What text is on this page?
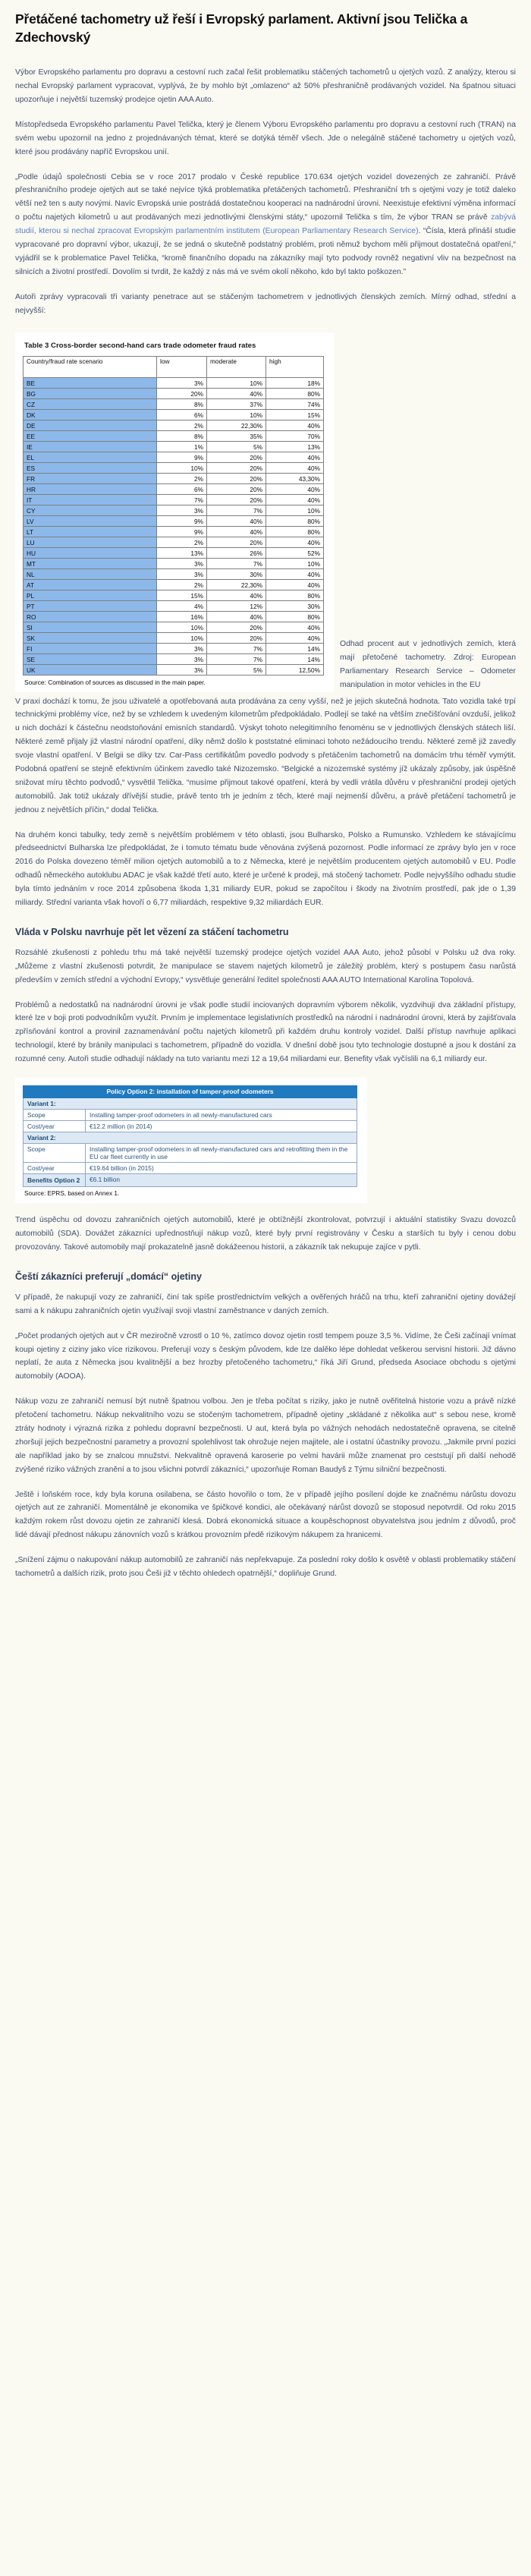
Přetáčené tachometry už řeší i Evropský parlament. Aktivní jsou Telička a Zdechovský

Výbor Evropského parlamentu pro dopravu a cestovní ruch začal řešit problematiku stáčených tachometrů u ojetých vozů. Z analýzy, kterou si nechal Evropský parlament vypracovat, vyplývá, že by mohlo být „omlazeno“ až 50% přeshraničně prodávaných vozidel. Na špatnou situaci upozorňuje i největší tuzemský prodejce ojetin AAA Auto.

Místopředseda Evropského parlamentu Pavel Telička, který je členem Výboru Evropského parlamentu pro dopravu a cestovní ruch (TRAN) na svém webu upozornil na jedno z projednávaných témat, které se dotýká téměř všech. Jde o nelegálně stáčené tachometry u ojetých vozů, které jsou prodávány napříč Evropskou unií.

„Podle údajů společnosti Cebia se v roce 2017 prodalo v České republice 170.634 ojetých vozidel dovezených ze zahraničí. Právě přeshraničního prodeje ojetých aut se také nejvíce týká problematika přetáčených tachometrů. Přeshraniční trh s ojetými vozy je totiž daleko větší než ten s auty novými. Navíc Evropská unie postrádá dostatečnou kooperaci na nadnárodní úrovni. Neexistuje efektivní výměna informací o počtu najetých kilometrů u aut prodávaných mezi jednotlivými členskými státy,“ upozornil Telička s tím, že výbor TRAN se právě zabývá studií, kterou si nechal zpracovat Evropským parlamentním institutem (European Parliamentary Research Service). “Čísla, která přináší studie vypracované pro dopravní výbor, ukazují, že se jedná o skutečně podstatný problém, proti němuž bychom měli přijmout dostatečná opatření,“ vyjádřil se k problematice Pavel Telička, “kromě finančního dopadu na zákazníky mají tyto podvody rovněž negativní vliv na bezpečnost na silnicích a životní prostředí. Dovolím si tvrdit, že každý z nás má ve svém okolí někoho, kdo byl takto poškozen.”

Autoři zprávy vypracovali tři varianty penetrace aut se stáčeným tachometrem v jednotlivých členských zemích. Mírný odhad, střední a nejvyšší:

Table 3 Cross-border second-hand cars trade odometer fraud rates
Country/fraud rate scenario	low	moderate	high
BE	3%	10%	18%
BG	20%	40%	80%
CZ	8%	37%	74%
DK	6%	10%	15%
DE	2%	22,30%	40%
EE	8%	35%	70%
IE	1%	5%	13%
EL	9%	20%	40%
ES	10%	20%	40%
FR	2%	20%	43,30%
HR	6%	20%	40%
IT	7%	20%	40%
CY	3%	7%	10%
LV	9%	40%	80%
LT	9%	40%	80%
LU	2%	20%	40%
HU	13%	26%	52%
MT	3%	7%	10%
NL	3%	30%	40%
AT	2%	22,30%	40%
PL	15%	40%	80%
PT	4%	12%	30%
RO	16%	40%	80%
SI	10%	20%	40%
SK	10%	20%	40%
FI	3%	7%	14%
SE	3%	7%	14%
UK	3%	5%	12,50%
Source: Combination of sources as discussed in the main paper.
Odhad procent aut v jednotlivých zemích, která mají přetočené tachometry. Zdroj: European Parliamentary Research Service – Odometer manipulation in motor vehicles in the EU

V praxi dochází k tomu, že jsou uživatelé a opotřebovaná auta prodávána za ceny vyšší, než je jejich skutečná hodnota. Tato vozidla také trpí technickými problémy více, než by se vzhledem k uvedeným kilometrům předpokládalo. Podlejí se také na větším znečišťování ovzduší, jelikož u nich dochází k částečnu neodstoňování emisních standardů. Výskyt tohoto nelegitimního fenoménu se v jednotlivých členských státech liší. Některé země přijaly již vlastní národní opatření, díky němž došlo k poststatné eliminaci tohoto nežádoucího trendu. Některé země již zavedly svoje vlastní opatření. V Belgii se díky tzv. Car-Pass certifikátům povedlo podvody s přetáčením tachometrů na domácím trhu téměř vymýtit. Podobná opatření se stejně efektivním účinkem zavedlo také Nizozemsko. “Belgické a nizozemské systémy jíž ukázaly způsoby, jak úspěšně snižovat míru těchto podvodů,“ vysvětlil Telička. “musíme přijmout takové opatření, která by vedli vrátila důvěru v přeshraniční prodeji ojetých automobilů. Jak totiž ukázaly dřívější studie, právě tento trh je jedním z těch, které mají nejmenší důvěru, a právě přetáčení tachometrů je jednou z největších příčin,“ dodal Telička.

Na druhém konci tabulky, tedy země s největším problémem v této oblasti, jsou Bulharsko, Polsko a Rumunsko. Vzhledem ke stávajícímu předseednictví Bulharska lze předpokládat, že i tomuto tématu bude věnována zvýšená pozornost. Podle informací ze zprávy bylo jen v roce 2016 do Polska dovezeno téměř milion ojetých automobilů a to z Německa, které je největším producentem ojetých automobilů v EU. Podle odhadů německého autoklubu ADAC je však každé třetí auto, které je určené k prodeji, má stočený tachometr. Podle nejvyššího odhadu studie byla tímto jednáním v roce 2014 způsobena škoda 1,31 miliardy EUR, pokud se započítou i škody na životním prostředí, pak jde o 1,39 miliardy. Střední varianta však hovoří o 6,77 miliardách, respektive 9,32 miliardách EUR.

Vláda v Polsku navrhuje pět let vězení za stáčení tachometru

Rozsáhlé zkušenosti z pohledu trhu má také největší tuzemský prodejce ojetých vozidel AAA Auto, jehož působí v Polsku už dva roky. „Můžeme z vlastní zkušenosti potvrdit, že manipulace se stavem najetých kilometrů je záležitý problém, který s postupem času narůstá především v zemích střední a východní Evropy,“ vysvětluje generální ředitel společnosti AAA AUTO International Karolína Topolová.

Problémů a nedostatků na nadnárodní úrovni je však podle studií inciovaných dopravním výborem několik, vyzdvihuji dva základní přístupy, které lze v boji proti podvodníkům využít. Prvním je implementace legislativních prostředků na národní i nadnárodní úrovni, která by zajišťovala zpřísňování kontrol a provinil zaznamenávání počtu najetých kilometrů při každém druhu kontroly vozidel. Další přístup navrhuje aplikaci technologií, které by bránily manipulaci s tachometrem, případně do vozidla. V dnešní době jsou tyto technologie dostupné a jsou k dostání za rozumné ceny. Autoři studie odhadují náklady na tuto variantu mezi 12 a 19,64 miliardami eur. Benefity však vyčíslili na 6,1 miliardy eur.

Policy Option 2: installation of tamper-proof odometers	
Variant 1:	
Scope	Installing tamper-proof odometers in all newly-manufactured cars
Cost/year	€12.2 million (in 2014)
Variant 2:	
Scope	Installing tamper-proof odometers in all newly-manufactured cars and retrofitting them in the EU car fleet currently in use
Cost/year	€19.64 billion (in 2015)
Benefits Option 2	€6.1 billion
Source: EPRS, based on Annex 1.

Trend úspěchu od dovozu zahraničních ojetých automobilů, které je obtížnější zkontrolovat, potvrzují i aktuální statistiky Svazu dovozců automobilů (SDA). Dovážet zákazníci upřednostňují nákup vozů, které byly první registrovány v Česku a starších tu byly i cenou dobu provozovány. Takové automobily mají prokazatelně jasně dokážeenou historii, a zákazník tak nekupuje zajíce v pytli.

Čeští zákazníci preferují „domácí“ ojetiny

V případě, že nakupují vozy ze zahraničí, činí tak spíše prostřednictvím velkých a ověřených hráčů na trhu, kteří zahraniční ojetiny dovážejí sami a k nákupu zahraničních ojetin využívají svoji vlastní zaměstnance v daných zemích.

„Počet prodaných ojetých aut v ČR meziročně vzrostl o 10 %, zatímco dovoz ojetin rostl tempem pouze 3,5 %. Vidíme, že Češi začínají vnímat koupi ojetiny z ciziny jako více rizikovou. Preferují vozy s českým původem, kde lze dalěko lépe dohledat veškerou servisní historii. Již dávno neplatí, že auta z Německa jsou kvalitnější a bez hrozby přetočeného tachometru,“ říká Jiří Grund, předseda Asociace obchodu s ojetými automobily (AOOA).

Nákup vozu ze zahraničí nemusí být nutně špatnou volbou. Jen je třeba počítat s riziky, jako je nutně ověřitelná historie vozu a právě nízké přetočení tachometru. Nákup nekvalitního vozu se stočeným tachometrem, případně ojetiny „skládané z několika aut“ s sebou nese, kromě ztráty hodnoty i výrazná rizika z pohledu dopravní bezpečnosti. U aut, která byla po vážných nehodách nedostatečně opravena, se citelně zhoršují jejich bezpečnostní parametry a provozní spolehlivost tak ohrožuje nejen majitele, ale i ostatní účastníky provozu. „Jakmile první pozici ale například jako by se znalcou mnužstvi. Nekvalitně opravená karoserie po velmi havárii může znamenat pro ceststují při další nehodě zvýšené riziko vážných zranění a to jsou všichni potvrdí zákazníci,“ upozorňuje Roman Baudyš z Týmu silniční bezpečnosti.

Ještě i loňském roce, kdy byla koruna osilabena, se částo hovořilo o tom, že v případě jejího posílení dojde ke značnému nárůstu dovozu ojetých aut ze zahraničí. Momentálně je ekonomika ve špičkové kondici, ale očekávaný nárůst dovozů se stoposud nepotvrdil. Od roku 2015 každým rokem růst dovozu ojetin ze zahraničí klesá. Dobrá ekonomická situace a koupěschopnost obyvatelstva jsou jedním z důvodů, proč lidé dávají přednost nákupu zánovních vozů s krátkou provozním předě rizikovým nákupem za hranicemi.

„Snížení zájmu o nakupování nákup automobilů ze zahraničí nás nepřekvapuje. Za poslední roky došlo k osvětě v oblasti problematiky stáčení tachometrů a dalších rizik, proto jsou Češi již v těchto ohledech opatrnější,“ dopliňuje Grund.
